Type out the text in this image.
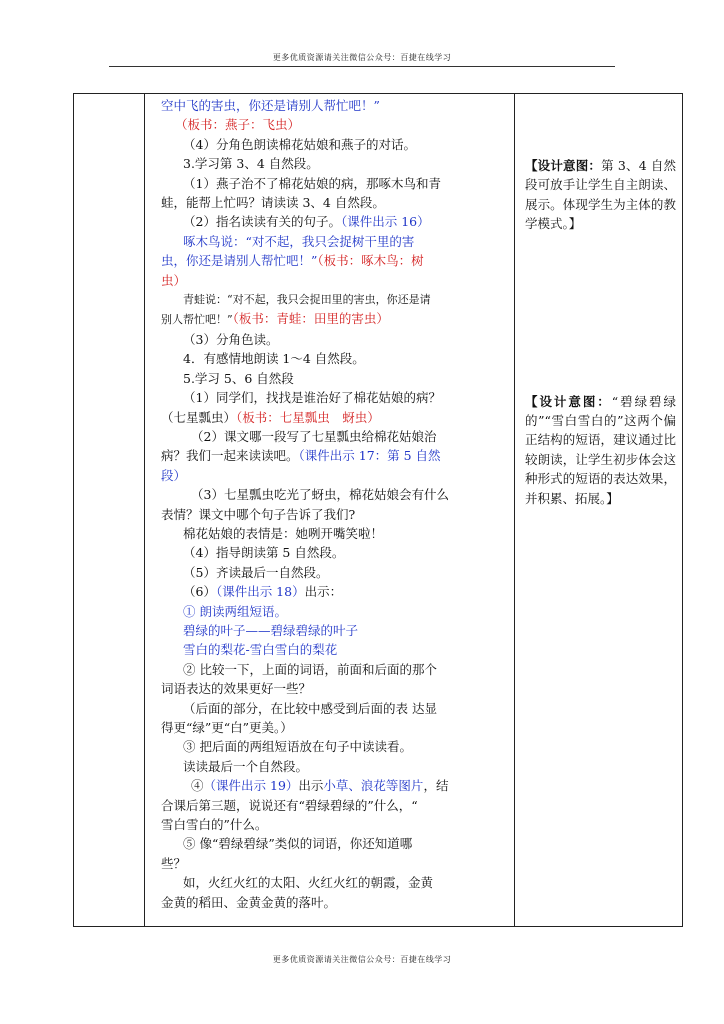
更多优质资源请关注微信公众号：百捷在线学习

空中飞的害虫，你还是请别人帮忙吧！”

（板书：燕子：飞虫）

（4）分角色朗读棉花姑娘和燕子的对话。

3.学习第 3、4 自然段。

（1）燕子治不了棉花姑娘的病，那啄木鸟和青

蛙，能帮上忙吗？请读读 3、4 自然段。

（2）指名读读有关的句子。（课件出示 16）

啄木鸟说：“对不起，我只会捉树干里的害

虫，你还是请别人帮忙吧！”（板书：啄木鸟：树

虫）

青蛙说：“对不起，我只会捉田里的害虫，你还是请

别人帮忙吧！”（板书：青蛙：田里的害虫）

（3）分角色读。

4．有感情地朗读 1～4 自然段。

5.学习 5、6 自然段

（1）同学们，找找是谁治好了棉花姑娘的病？

（七星瓢虫）（板书：七星瓢虫　蚜虫）

（2）课文哪一段写了七星瓢虫给棉花姑娘治

病？我们一起来读读吧。（课件出示 17：第 5 自然

段）

（3）七星瓢虫吃光了蚜虫，棉花姑娘会有什么

表情？课文中哪个句子告诉了我们?

棉花姑娘的表情是：她咧开嘴笑啦！

（4）指导朗读第 5 自然段。

（5）齐读最后一自然段。

（6）（课件出示 18）出示：

① 朗读两组短语。

碧绿的叶子——碧绿碧绿的叶子

雪白的梨花-雪白雪白的梨花

② 比较一下，上面的词语，前面和后面的那个

词语表达的效果更好一些？

（后面的部分，在比较中感受到后面的表 达显

得更“绿”更“白”更美。）

③ 把后面的两组短语放在句子中读读看。

读读最后一个自然段。

④（课件出示 19）出示小草、浪花等图片，结

合课后第三题，说说还有“碧绿碧绿的”什么，“

雪白雪白的”什么。

⑤ 像“碧绿碧绿”类似的词语，你还知道哪

些？

如，火红火红的太阳、火红火红的朝霞，金黄

金黄的稻田、金黄金黄的落叶。

【设计意图：第 3、4 自然段可放手让学生自主朗读、展示。体现学生为主体的教学模式。】
【设计意图：“碧绿碧绿的”“雪白雪白的”这两个偏正结构的短语，建议通过比较朗读，让学生初步体会这种形式的短语的表达效果，并积累、拓展。】
更多优质资源请关注微信公众号：百捷在线学习
